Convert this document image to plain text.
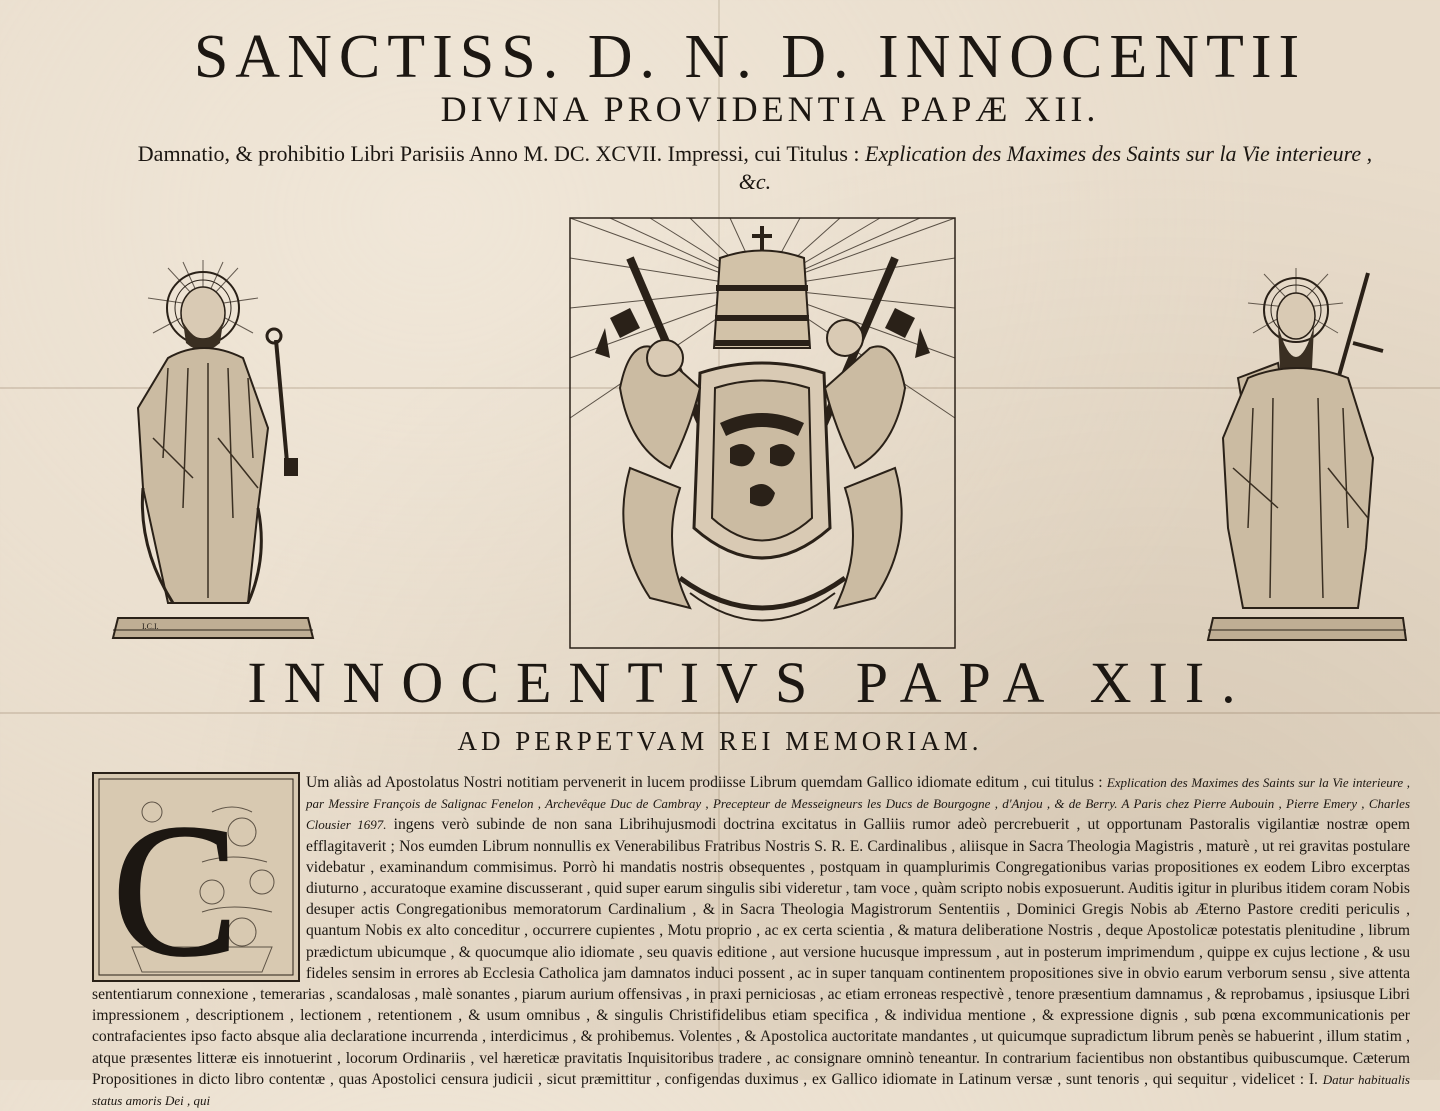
SANCTISS. D. N. D. INNOCENTII
DIVINA PROVIDENTIA PAPÆ XII.
Damnatio, & prohibitio Libri Parisiis Anno M. DC. XCVII. Impressi, cui Titulus : Explication des Maximes des Saints sur la Vie interieure , &c.
I.C.I.
INNOCENTIVS PAPA XII.
AD PERPETVAM REI MEMORIAM.
C
Um aliàs ad Apostolatus Nostri notitiam pervenerit in lucem prodiisse Librum quemdam Gallico idiomate editum , cui titulus : Explication des Maximes des Saints sur la Vie interieure , par Messire François de Salignac Fenelon , Archevêque Duc de Cambray , Precepteur de Messeigneurs les Ducs de Bourgogne , d'Anjou , & de Berry. A Paris chez Pierre Aubouin , Pierre Emery , Charles Clousier 1697. ingens verò subinde de non sana Librihujusmodi doctrina excitatus in Galliis rumor adeò percrebuerit , ut opportunam Pastoralis vigilantiæ nostræ opem efflagitaverit ; Nos eumden Librum nonnullis ex Venerabilibus Fratribus Nostris S. R. E. Cardinalibus , aliisque in Sacra Theologia Magistris , maturè , ut rei gravitas postulare videbatur , examinandum commisimus. Porrò hi mandatis nostris obsequentes , postquam in quamplurimis Congregationibus varias propositiones ex eodem Libro excerptas diuturno , accuratoque examine discusserant , quid super earum singulis sibi videretur , tam voce , quàm scripto nobis exposuerunt. Auditis igitur in pluribus itidem coram Nobis desuper actis Congregationibus memoratorum Cardinalium , & in Sacra Theologia Magistrorum Sententiis , Dominici Gregis Nobis ab Æterno Pastore crediti periculis , quantum Nobis ex alto conceditur , occurrere cupientes , Motu proprio , ac ex certa scientia , & matura deliberatione Nostris , deque Apostolicæ potestatis plenitudine , librum prædictum ubicumque , & quocumque alio idiomate , seu quavis editione , aut versione hucusque impressum , aut in posterum imprimendum , quippe ex cujus lectione , & usu fideles sensim in errores ab Ecclesia Catholica jam damnatos induci possent , ac in super tanquam continentem propositiones sive in obvio earum verborum sensu , sive attenta sententiarum connexione , temerarias , scandalosas , malè sonantes , piarum aurium offensivas , in praxi perniciosas , ac etiam erroneas respectivè , tenore præsentium damnamus , & reprobamus , ipsiusque Libri impressionem , descriptionem , lectionem , retentionem , & usum omnibus , & singulis Christifidelibus etiam specifica , & individua mentione , & expressione dignis , sub pœna excommunicationis per contrafacientes ipso facto absque alia declaratione incurrenda , interdicimus , & prohibemus. Volentes , & Apostolica auctoritate mandantes , ut quicumque supradictum librum penès se habuerint , illum statim , atque præsentes litteræ eis innotuerint , locorum Ordinariis , vel hæreticæ pravitatis Inquisitoribus tradere , ac consignare omninò teneantur. In contrarium facientibus non obstantibus quibuscumque. Cæterum Propositiones in dicto libro contentæ , quas Apostolici censura judicii , sicut præmittitur , configendas duximus , ex Gallico idiomate in Latinum versæ , sunt tenoris , qui sequitur , videlicet : I. Datur habitualis status amoris Dei , qui
